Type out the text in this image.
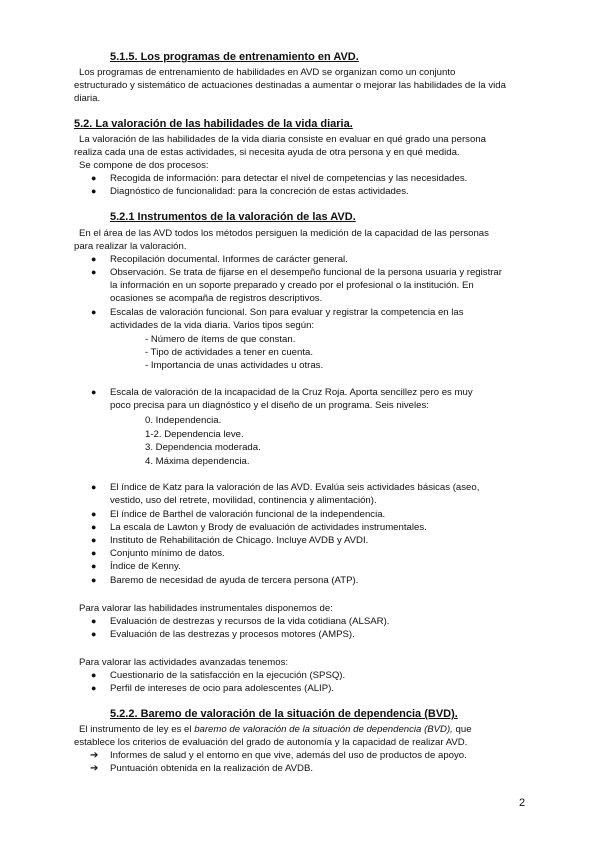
5.1.5. Los programas de entrenamiento en AVD.
Los programas de entrenamiento de habilidades en AVD se organizan como un conjunto
estructurado y sistemático de actuaciones destinadas a aumentar o mejorar las habilidades de la vida
diaria.
5.2. La valoración de las habilidades de la vida diaria.
La valoración de las habilidades de la vida diaria consiste en evaluar en qué grado una persona
realiza cada una de estas actividades, si necesita ayuda de otra persona y en qué medida.
Se compone de dos procesos:
● Recogida de información: para detectar el nivel de competencias y las necesidades.
● Diagnóstico de funcionalidad: para la concreción de estas actividades.
5.2.1 Instrumentos de la valoración de las AVD.
En el área de las AVD todos los métodos persiguen la medición de la capacidad de las personas
para realizar la valoración.
● Recopilación documental. Informes de carácter general.
● Observación. Se trata de fijarse en el desempeño funcional de la persona usuaria y registrar
la información en un soporte preparado y creado por el profesional o la institución. En
ocasiones se acompaña de registros descriptivos.
● Escalas de valoración funcional. Son para evaluar y registrar la competencia en las
actividades de la vida diaria. Varios tipos según:
- Número de ítems de que constan.
- Tipo de actividades a tener en cuenta.
- Importancia de unas actividades u otras.
● Escala de valoración de la incapacidad de la Cruz Roja. Aporta sencillez pero es muy
poco precisa para un diagnóstico y el diseño de un programa. Seis niveles:
0. Independencia.
1-2. Dependencia leve.
3. Dependencia moderada.
4. Máxima dependencia.
● El índice de Katz para la valoración de las AVD. Evalúa seis actividades básicas (aseo,
vestido, uso del retrete, movilidad, continencia y alimentación).
● El índice de Barthel de valoración funcional de la independencia.
● La escala de Lawton y Brody de evaluación de actividades instrumentales.
● Instituto de Rehabilitación de Chicago. Incluye AVDB y AVDI.
● Conjunto mínimo de datos.
● Índice de Kenny.
● Baremo de necesidad de ayuda de tercera persona (ATP).
Para valorar las habilidades instrumentales disponemos de:
● Evaluación de destrezas y recursos de la vida cotidiana (ALSAR).
● Evaluación de las destrezas y procesos motores (AMPS).
Para valorar las actividades avanzadas tenemos:
● Cuestionario de la satisfacción en la ejecución (SPSQ).
● Perfil de intereses de ocio para adolescentes (ALIP).
5.2.2. Baremo de valoración de la situación de dependencia (BVD).
El instrumento de ley es el baremo de valoración de la situación de dependencia (BVD), que
establece los criterios de evaluación del grado de autonomía y la capacidad de realizar AVD.
➔ Informes de salud y el entorno en que vive, además del uso de productos de apoyo.
➔ Puntuación obtenida en la realización de AVDB.
2
